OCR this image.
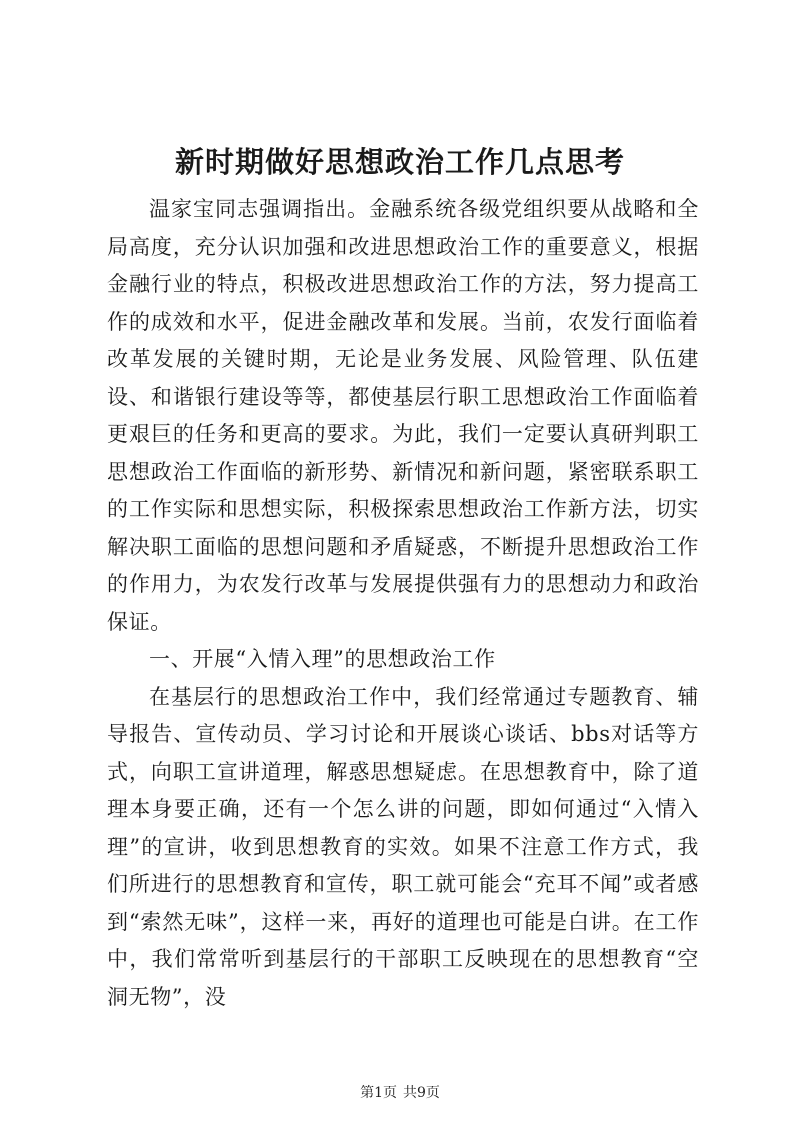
新时期做好思想政治工作几点思考

温家宝同志强调指出。金融系统各级党组织要从战略和全局高度，充分认识加强和改进思想政治工作的重要意义，根据金融行业的特点，积极改进思想政治工作的方法，努力提高工作的成效和水平，促进金融改革和发展。当前，农发行面临着改革发展的关键时期，无论是业务发展、风险管理、队伍建设、和谐银行建设等等，都使基层行职工思想政治工作面临着更艰巨的任务和更高的要求。为此，我们一定要认真研判职工思想政治工作面临的新形势、新情况和新问题，紧密联系职工的工作实际和思想实际，积极探索思想政治工作新方法，切实解决职工面临的思想问题和矛盾疑惑，不断提升思想政治工作的作用力，为农发行改革与发展提供强有力的思想动力和政治保证。

一、开展“入情入理”的思想政治工作

在基层行的思想政治工作中，我们经常通过专题教育、辅导报告、宣传动员、学习讨论和开展谈心谈话、bbs对话等方式，向职工宣讲道理，解惑思想疑虑。在思想教育中，除了道理本身要正确，还有一个怎么讲的问题，即如何通过“入情入理”的宣讲，收到思想教育的实效。如果不注意工作方式，我们所进行的思想教育和宣传，职工就可能会“充耳不闻”或者感到“索然无味”，这样一来，再好的道理也可能是白讲。在工作中，我们常常听到基层行的干部职工反映现在的思想教育“空洞无物”，没

第1页 共9页
